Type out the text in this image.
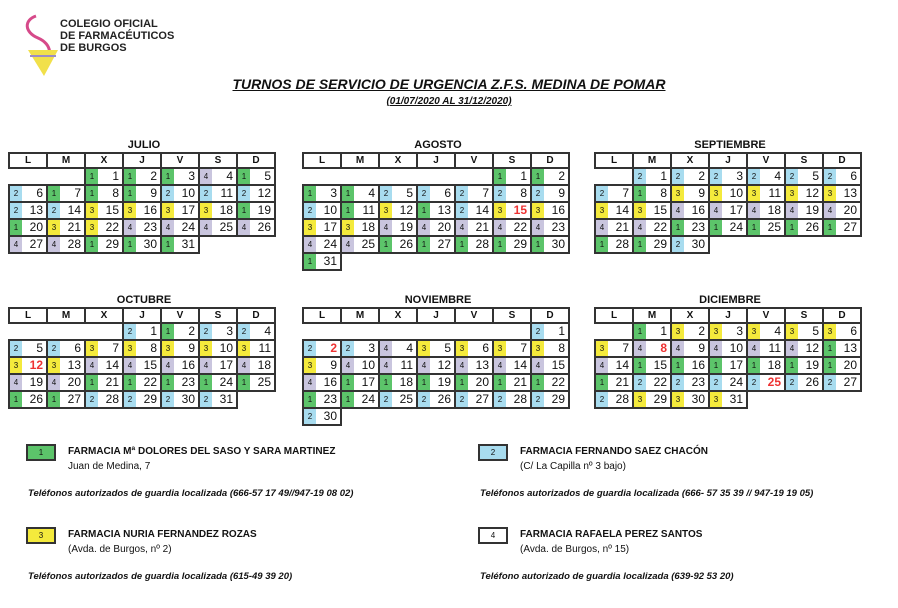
COLEGIO OFICIAL
DE FARMACÉUTICOS
DE BURGOS
TURNOS DE SERVICIO DE URGENCIA Z.F.S. MEDINA DE POMAR
(01/07/2020 AL 31/12/2020)
JULIO
L	M	X	J	V	S	D

		1 1	1 2	1 3	4 4	1 5

2 6	1 7	1 8	1 9	2 10	2 11	2 12

2 13	2 14	3 15	3 16	3 17	3 18	1 19

1 20	3 21	3 22	4 23	4 24	4 25	4 26

4 27	4 28	1 29	1 30	1 31		
AGOSTO
L	M	X	J	V	S	D

					1 1	1 2

1 3	1 4	2 5	2 6	2 7	2 8	2 9

2 10	1 11	3 12	1 13	2 14	3 15	3 16

3 17	3 18	4 19	4 20	4 21	4 22	4 23

4 24	4 25	1 26	1 27	1 28	1 29	1 30

1 31						
SEPTIEMBRE
L	M	X	J	V	S	D

	2 1	2 2	2 3	2 4	2 5	2 6

2 7	1 8	3 9	3 10	3 11	3 12	3 13

3 14	3 15	4 16	4 17	4 18	4 19	4 20

4 21	4 22	1 23	1 24	1 25	1 26	1 27

1 28	1 29	2 30				
OCTUBRE
L	M	X	J	V	S	D

			2 1	1 2	2 3	2 4

2 5	2 6	3 7	3 8	3 9	3 10	3 11

3 12	3 13	4 14	4 15	4 16	4 17	4 18

4 19	4 20	1 21	1 22	1 23	1 24	1 25

1 26	1 27	2 28	2 29	2 30	2 31	
NOVIEMBRE
L	M	X	J	V	S	D

						2 1

2 2	2 3	4 4	3 5	3 6	3 7	3 8

3 9	4 10	4 11	4 12	4 13	4 14	4 15

4 16	1 17	1 18	1 19	1 20	1 21	1 22

1 23	1 24	2 25	2 26	2 27	2 28	2 29

2 30						
DICIEMBRE
L	M	X	J	V	S	D

	1 1	3 2	3 3	3 4	3 5	3 6

3 7	4 8	4 9	4 10	4 11	4 12	1 13

4 14	1 15	1 16	1 17	1 18	1 19	1 20

1 21	2 22	2 23	2 24	2 25	2 26	2 27

2 28	3 29	3 30	3 31			
1	FARMACIA Mª DOLORES DEL SASO Y SARA MARTINEZ
Juan de Medina, 7
Teléfonos autorizados de guardia localizada (666-57 17 49//947-19 08 02)
2	FARMACIA FERNANDO SAEZ CHACÓN
(C/ La Capilla nº 3 bajo)
Teléfonos autorizados de guardia localizada (666- 57 35 39 // 947-19 19 05)
3	FARMACIA NURIA FERNANDEZ ROZAS
(Avda. de Burgos, nº 2)
Teléfonos autorizados de guardia localizada (615-49 39 20)
4	FARMACIA RAFAELA PEREZ SANTOS
(Avda. de Burgos, nº 15)
Teléfono autorizado de guardia localizada (639-92 53 20)
